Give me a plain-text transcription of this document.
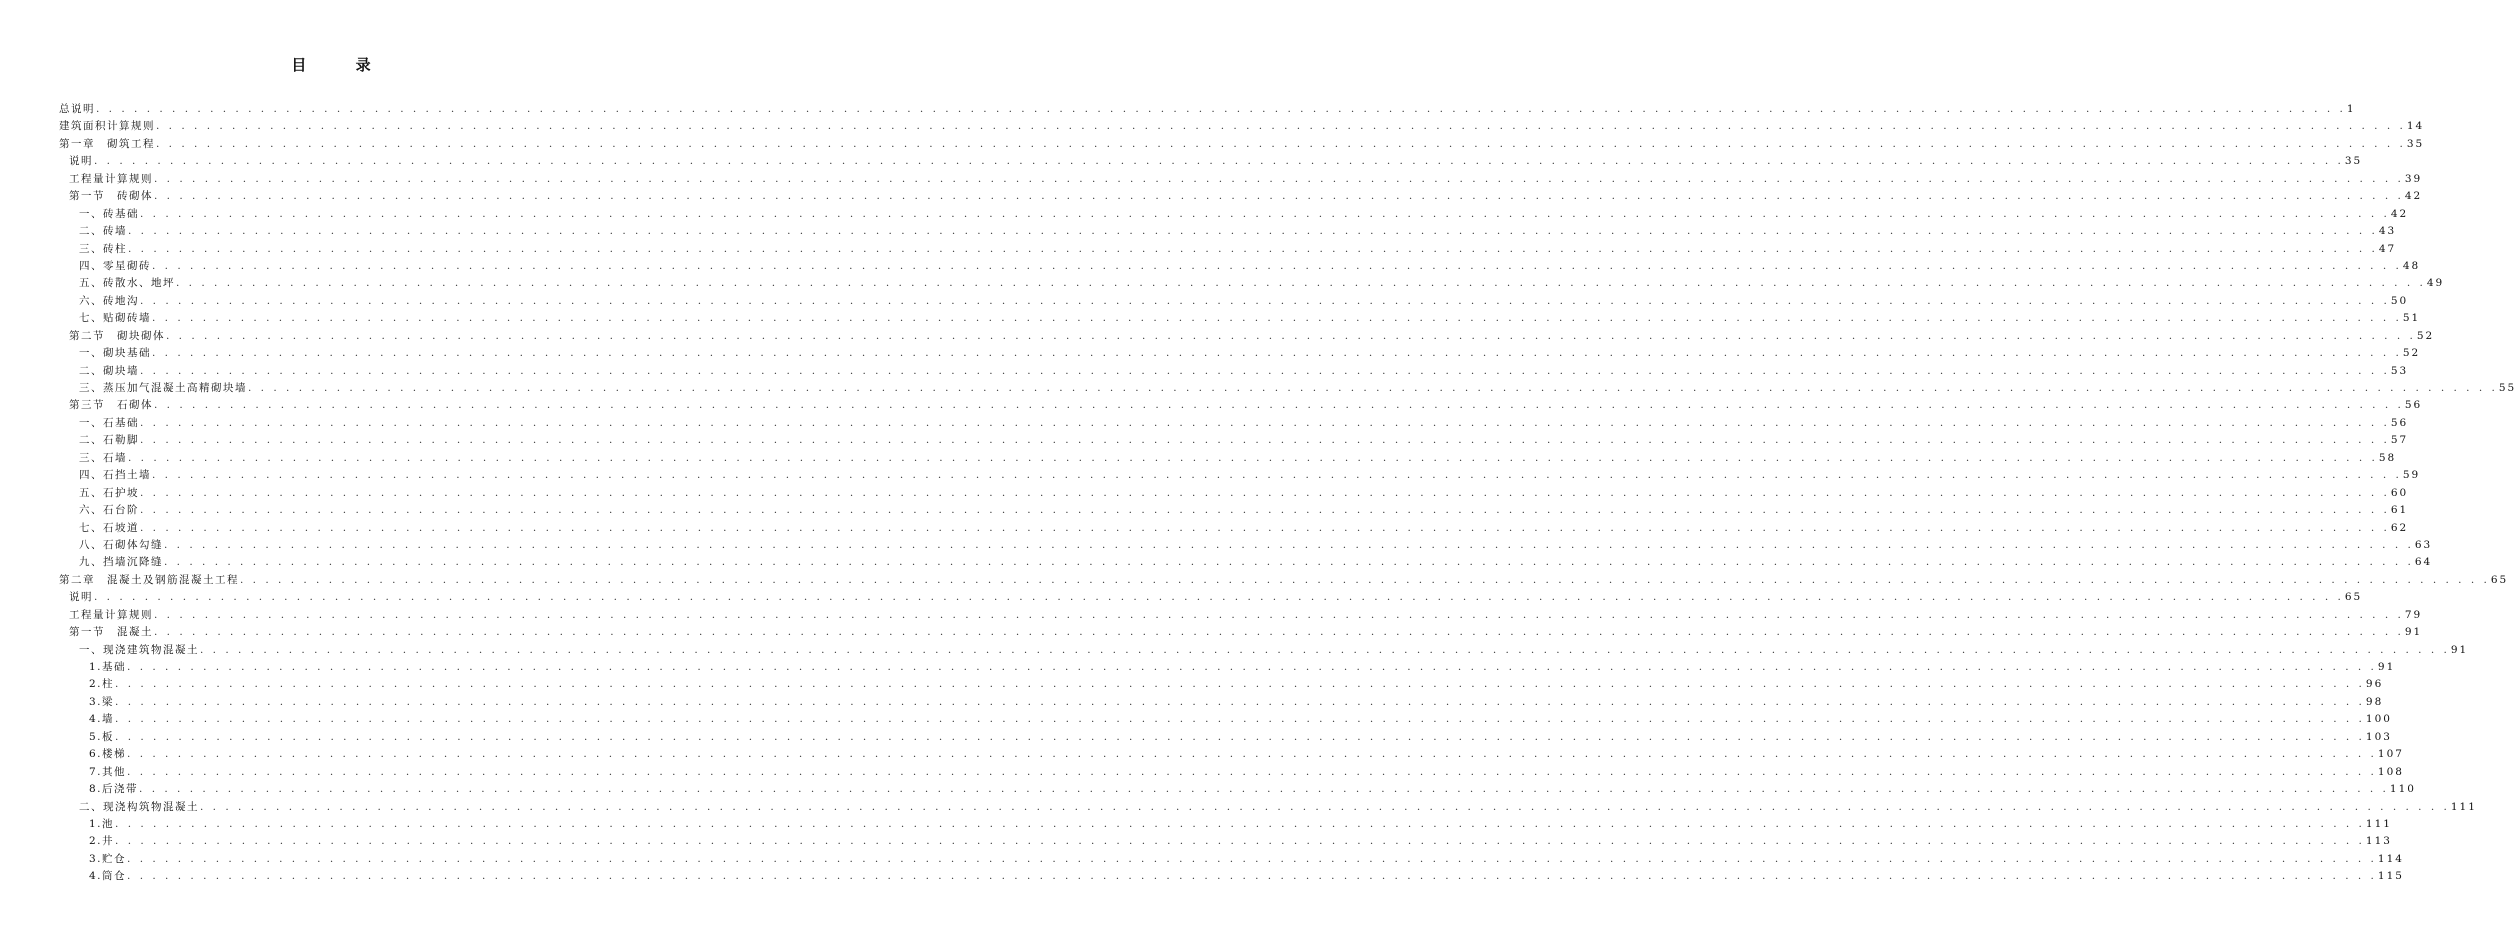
目 录
总说明 . . .	1
建筑面积计算规则 . . .	14
第一章　砌筑工程 . . .	35
说明 . . .	35
工程量计算规则 . . .	39
第一节　砖砌体 . . .	42
一、砖基础 . . .	42
二、砖墙 . . .	43
三、砖柱 . . .	47
四、零星砌砖 . . .	48
五、砖散水、地坪 . . .	49
六、砖地沟 . . .	50
七、贴砌砖墙 . . .	51
第二节　砌块砌体 . . .	52
一、砌块基础 . . .	52
二、砌块墙 . . .	53
三、蒸压加气混凝土高精砌块墙 . . .	55
第三节　石砌体 . . .	56
一、石基础 . . .	56
二、石勒脚 . . .	57
三、石墙 . . .	58
四、石挡土墙 . . .	59
五、石护坡 . . .	60
六、石台阶 . . .	61
七、石坡道 . . .	62
八、石砌体勾缝 . . .	63
九、挡墙沉降缝 . . .	64
第二章　混凝土及钢筋混凝土工程 . . .	65
说明 . . .	65
工程量计算规则 . . .	79
第一节　混凝土 . . .	91
一、现浇建筑物混凝土 . . .	91
1.基础 . . .	91
2.柱 . . .	96
3.梁 . . .	98
4.墙 . . .	100
5.板 . . .	103
6.楼梯 . . .	107
7.其他 . . .	108
8.后浇带 . . .	110
二、现浇构筑物混凝土 . . .	111
1.池 . . .	111
2.井 . . .	113
3.贮仓 . . .	114
4.筒仓 . . .	115
